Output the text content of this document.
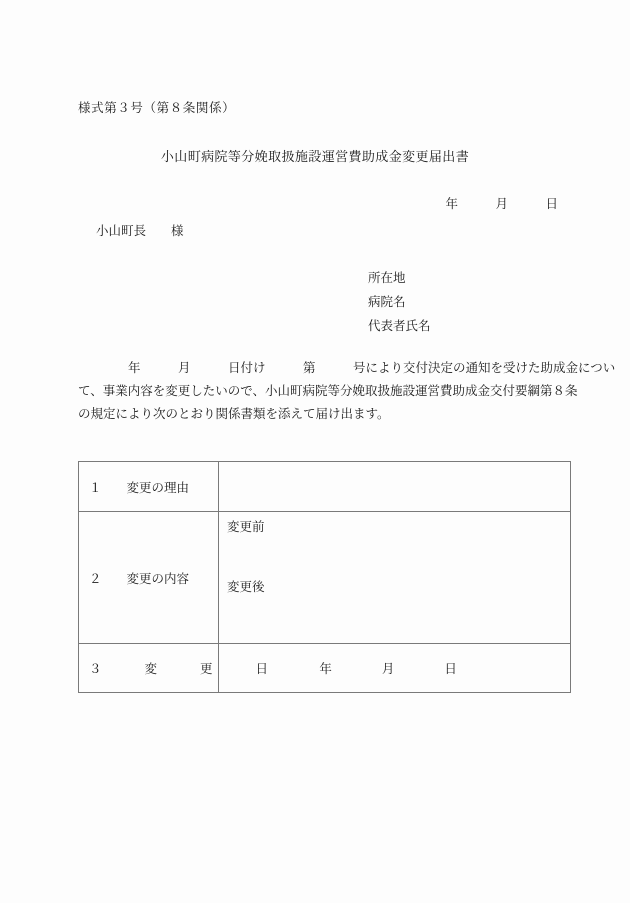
様式第３号（第８条関係）
小山町病院等分娩取扱施設運営費助成金変更届出書
年　　　月　　　日
小山町長　　様
所在地
病院名
代表者氏名
　　　　年　　　月　　　日付け　　　第　　　号により交付決定の通知を受けた助成金につい
て、事業内容を変更したいので、小山町病院等分娩取扱施設運営費助成金交付要綱第８条
の規定により次のとおり関係書類を添えて届け出ます。
１　　変更の理由	
２　　変更の内容	変更前
変更後

３　　変　　更　　日	年　　　　月　　　　日
